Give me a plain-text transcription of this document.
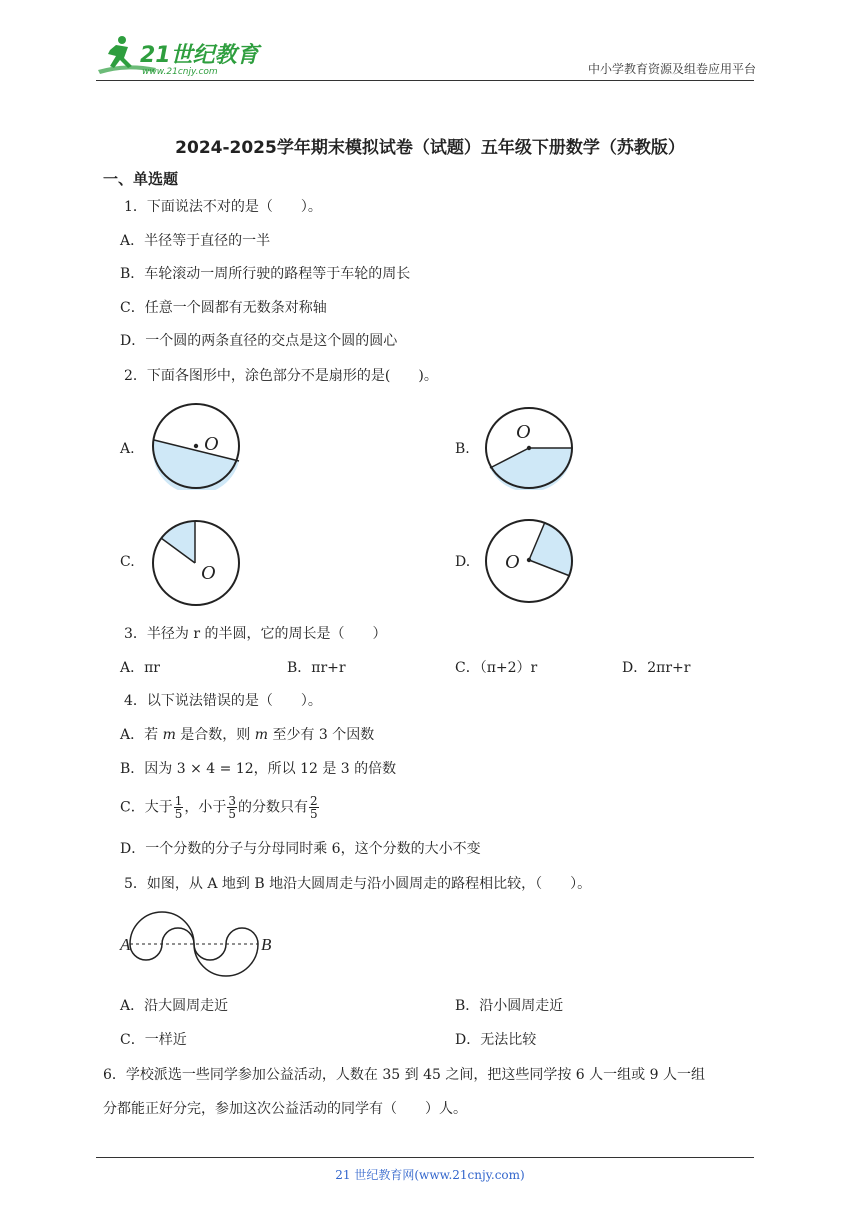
21世纪教育
www.21cnjy.com	中小学教育资源及组卷应用平台
2024-2025学年期末模拟试卷（试题）五年级下册数学（苏教版）
一、单选题
1．下面说法不对的是（　　）。
A．半径等于直径的一半
B．车轮滚动一周所行驶的路程等于车轮的周长
C．任意一个圆都有无数条对称轴
D．一个圆的两条直径的交点是这个圆的圆心
2．下面各图形中，涂色部分不是扇形的是(　　)。
A.	O	B.
O
C.	O	D. O
3．半径为 r 的半圆，它的周长是（　　）
A．πr	B．πr+r	C．（π+2）r	D．2πr+r
4．以下说法错误的是（　　）。
A．若 m 是合数，则 m 至少有 3 个因数
B．因为 3 × 4 = 12，所以 12 是 3 的倍数
C．大于 $\frac{1}{5}$ ，小于 $\frac{3}{5}$ 的分数只有 $\frac{2}{5}$
D．一个分数的分子与分母同时乘 6，这个分数的大小不变
5．如图，从 A 地到 B 地沿大圆周走与沿小圆周走的路程相比较，（　　）。
A	B
A．沿大圆周走近	B．沿小圆周走近
C．一样近	D．无法比较
6．学校派选一些同学参加公益活动，人数在 35 到 45 之间，把这些同学按 6 人一组或 9 人一组
分都能正好分完，参加这次公益活动的同学有（　　）人。
21 世纪教育网(www.21cnjy.com)
